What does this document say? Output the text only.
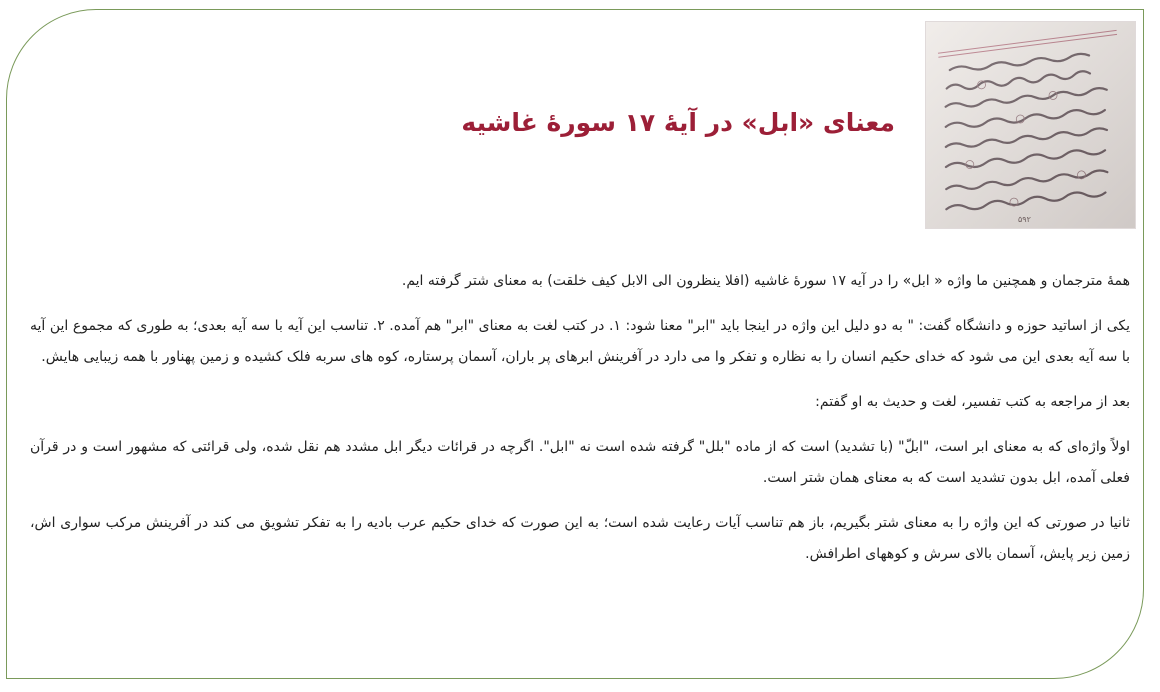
۵۹۲
معنای «ابل» در آیۀ ۱۷ سورۀ غاشیه

همۀ مترجمان و همچنین ما واژه « ابل» را در آیه ۱۷ سورۀ غاشیه (افلا ینظرون الی الابل کیف خلقت) به معنای شتر گرفته ایم.

یکی از اساتید حوزه و دانشگاه گفت: " به دو دلیل این واژه در اینجا باید "ابر" معنا شود: ۱. در کتب لغت به معنای "ابر" هم آمده. ۲. تناسب این آیه با سه آیه بعدی؛ به طوری که مجموع این آیه با سه آیه بعدی این می شود که خدای حکیم انسان را به نظاره و تفکر وا می دارد در آفرینش ابرهای پر باران، آسمان پرستاره، کوه های سربه فلک کشیده و زمین پهناور با همه زیبایی هایش.

بعد از مراجعه به کتب تفسیر، لغت و حدیث به او گفتم:

اولاً واژه‌ای که به معنای ابر است، "ابلّ" (با تشدید) است که از ماده "بلل" گرفته شده است نه "ابل". اگرچه در قرائات دیگر ابل مشدد هم نقل شده، ولی قرائتی که مشهور است و در قرآن فعلی آمده، ابل بدون تشدید است که به معنای همان شتر است.

ثانیا در صورتی که این واژه را به معنای شتر بگیریم، باز هم تناسب آیات رعایت شده است؛ به این صورت که خدای حکیم عرب بادیه را به تفکر تشویق می کند در آفرینش مرکب سواری اش، زمین زیر پایش، آسمان بالای سرش و کوههای اطرافش.
